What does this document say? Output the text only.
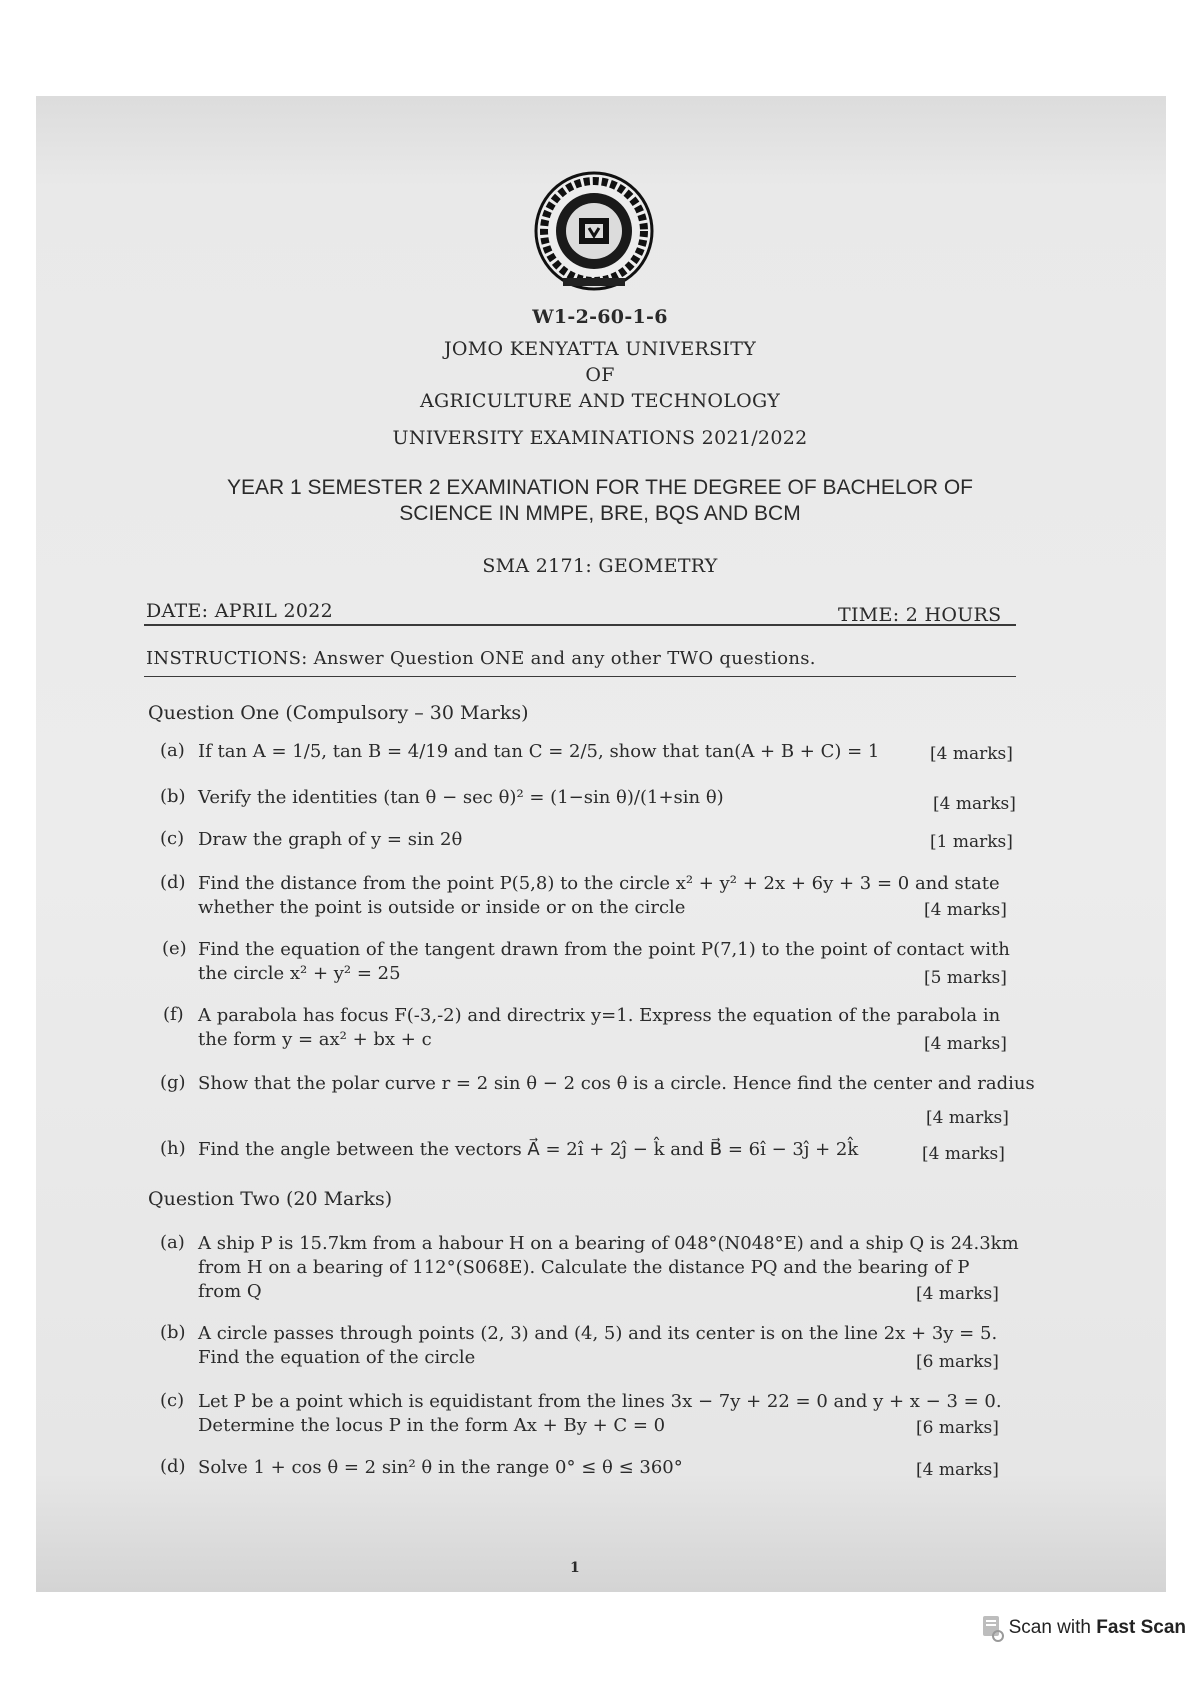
W1-2-60-1-6
JOMO KENYATTA UNIVERSITY
OF
AGRICULTURE AND TECHNOLOGY
UNIVERSITY EXAMINATIONS 2021/2022
YEAR 1 SEMESTER 2 EXAMINATION FOR THE DEGREE OF BACHELOR OF
SCIENCE IN MMPE, BRE, BQS AND BCM
SMA 2171: GEOMETRY
DATE: APRIL 2022	TIME: 2 HOURS
INSTRUCTIONS: Answer Question ONE and any other TWO questions.
Question One (Compulsory – 30 Marks)
(a) If tan A = 1/5, tan B = 4/19 and tan C = 2/5, show that tan(A + B + C) = 1	[4 marks]
(b) Verify the identities (tan θ − sec θ)² = (1−sin θ)/(1+sin θ)	[4 marks]
(c) Draw the graph of y = sin 2θ	[1 marks]
(d) Find the distance from the point P(5,8) to the circle x² + y² + 2x + 6y + 3 = 0 and state
whether the point is outside or inside or on the circle	[4 marks]
(e) Find the equation of the tangent drawn from the point P(7,1) to the point of contact with
the circle x² + y² = 25	[5 marks]
(f) A parabola has focus F(-3,-2) and directrix y=1. Express the equation of the parabola in
the form y = ax² + bx + c	[4 marks]
(g) Show that the polar curve r = 2 sin θ − 2 cos θ is a circle. Hence find the center and radius
[4 marks]
(h) Find the angle between the vectors A⃗ = 2î + 2ĵ − k̂ and B⃗ = 6î − 3ĵ + 2k̂	[4 marks]
Question Two (20 Marks)
(a) A ship P is 15.7km from a habour H on a bearing of 048°(N048°E) and a ship Q is 24.3km
from H on a bearing of 112°(S068E). Calculate the distance PQ and the bearing of P
from Q	[4 marks]
(b) A circle passes through points (2, 3) and (4, 5) and its center is on the line 2x + 3y = 5.
Find the equation of the circle	[6 marks]
(c) Let P be a point which is equidistant from the lines 3x − 7y + 22 = 0 and y + x − 3 = 0.
Determine the locus P in the form Ax + By + C = 0	[6 marks]
(d) Solve 1 + cos θ = 2 sin² θ in the range 0° ≤ θ ≤ 360°	[4 marks]
1
Scan with Fast Scan
